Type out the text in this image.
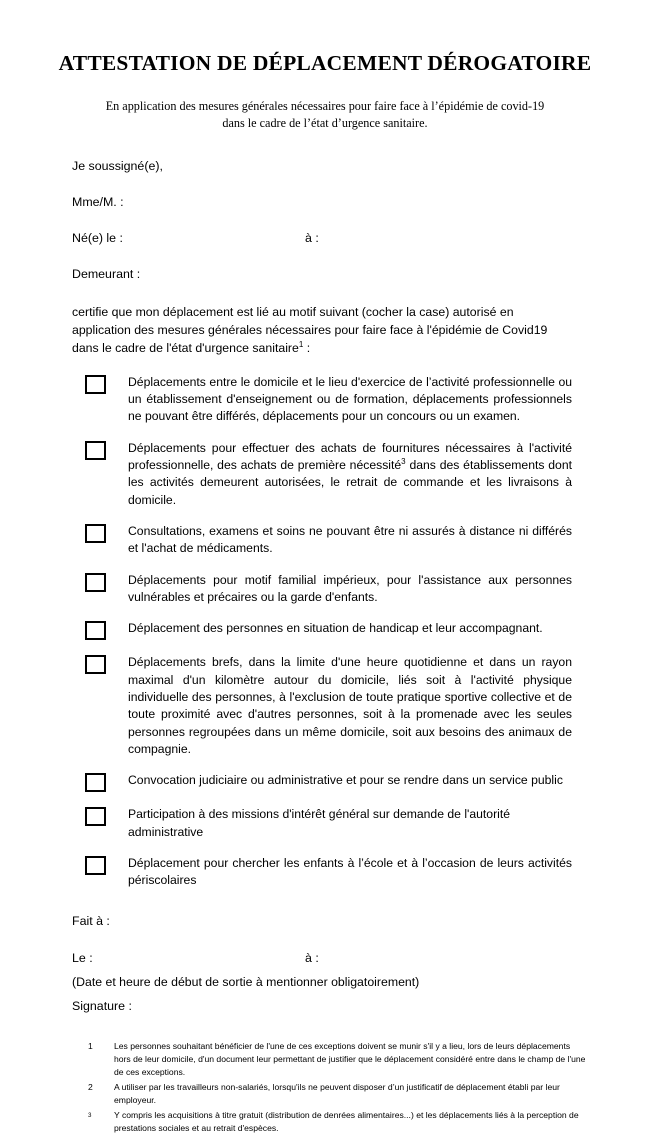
ATTESTATION DE DÉPLACEMENT DÉROGATOIRE
En application des mesures générales nécessaires pour faire face à l’épidémie de covid-19
dans le cadre de l’état d’urgence sanitaire.
Je soussigné(e),
Mme/M. :
Né(e) le :	à :
Demeurant :
certifie que mon déplacement est lié au motif suivant (cocher la case) autorisé en application des mesures générales nécessaires pour faire face à l'épidémie de Covid19 dans le cadre de l'état d'urgence sanitaire$^1$ :
Déplacements entre le domicile et le lieu d'exercice de l’activité professionnelle ou un établissement d'enseignement ou de formation, déplacements professionnels ne pouvant être différés, déplacements pour un concours ou un examen.
Déplacements pour effectuer des achats de fournitures nécessaires à l'activité professionnelle, des achats de première nécessité$^3$ dans des établissements dont les activités demeurent autorisées, le retrait de commande et les livraisons à domicile.
Consultations, examens et soins ne pouvant être ni assurés à distance ni différés et l'achat de médicaments.
Déplacements pour motif familial impérieux, pour l'assistance aux personnes vulnérables et précaires ou la garde d'enfants.
Déplacement des personnes en situation de handicap et leur accompagnant.
Déplacements brefs, dans la limite d'une heure quotidienne et dans un rayon maximal d'un kilomètre autour du domicile, liés soit à l'activité physique individuelle des personnes, à l'exclusion de toute pratique sportive collective et de toute proximité avec d'autres personnes, soit à la promenade avec les seules personnes regroupées dans un même domicile, soit aux besoins des animaux de compagnie.
Convocation judiciaire ou administrative et pour se rendre dans un service public
Participation à des missions d'intérêt général sur demande de l'autorité administrative
Déplacement pour chercher les enfants à l’école et à l’occasion de leurs activités périscolaires
Fait à :
Le :	à :
(Date et heure de début de sortie à mentionner obligatoirement)
Signature :
1	Les personnes souhaitant bénéficier de l'une de ces exceptions doivent se munir s'il y a lieu, lors de leurs déplacements hors de leur domicile, d'un document leur permettant de justifier que le déplacement considéré entre dans le champ de l'une de ces exceptions.
2	A utiliser par les travailleurs non-salariés, lorsqu'ils ne peuvent disposer d’un justificatif de déplacement établi par leur employeur.
3	Y compris les acquisitions à titre gratuit (distribution de denrées alimentaires...) et les déplacements liés à la perception de prestations sociales et au retrait d'espèces.
